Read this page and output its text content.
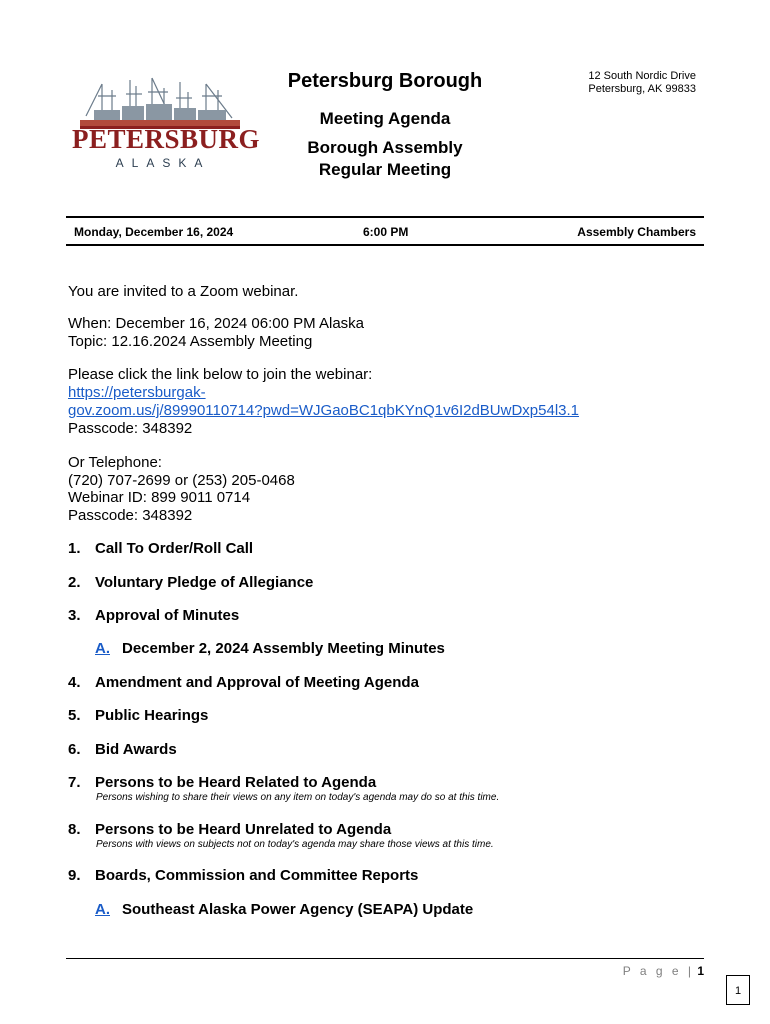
PETERSBURG
ALASKA
Petersburg Borough	12 South Nordic Drive
Petersburg, AK 99833
Meeting Agenda
Borough Assembly
Regular Meeting
Monday, December 16, 2024	6:00 PM	Assembly Chambers
You are invited to a Zoom webinar.
When: December 16, 2024 06:00 PM Alaska
Topic: 12.16.2024 Assembly Meeting
Please click the link below to join the webinar:
https://petersburgak-
gov.zoom.us/j/89990110714?pwd=WJGaoBC1qbKYnQ1v6I2dBUwDxp54l3.1
Passcode: 348392
Or Telephone:
(720) 707-2699 or (253) 205-0468
Webinar ID: 899 9011 0714
Passcode: 348392
1. Call To Order/Roll Call
2. Voluntary Pledge of Allegiance
3. Approval of Minutes
A. December 2, 2024 Assembly Meeting Minutes
4. Amendment and Approval of Meeting Agenda
5. Public Hearings
6. Bid Awards
7. Persons to be Heard Related to Agenda
Persons wishing to share their views on any item on today's agenda may do so at this time.
8. Persons to be Heard Unrelated to Agenda
Persons with views on subjects not on today's agenda may share those views at this time.
9. Boards, Commission and Committee Reports
A. Southeast Alaska Power Agency (SEAPA) Update
P a g e | 1
1
